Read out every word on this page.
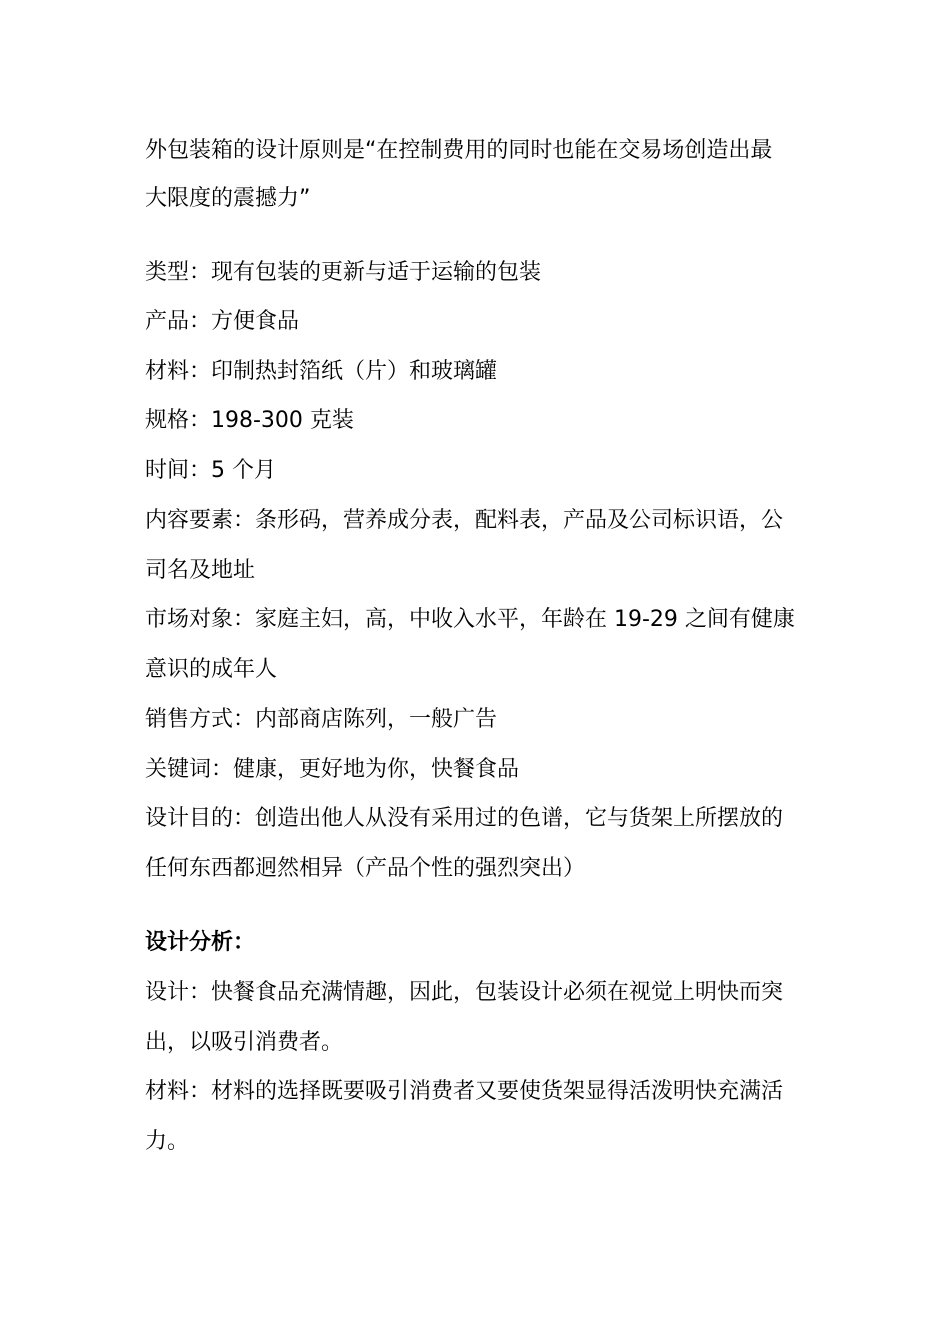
外包装箱的设计原则是“在控制费用的同时也能在交易场创造出最
大限度的震撼力”
类型：现有包装的更新与适于运输的包装
产品：方便食品
材料：印制热封箔纸（片）和玻璃罐
规格：198-300 克装
时间：5 个月
内容要素：条形码，营养成分表，配料表，产品及公司标识语，公
司名及地址
市场对象：家庭主妇，高，中收入水平，年龄在 19-29 之间有健康
意识的成年人
销售方式：内部商店陈列，一般广告
关键词：健康，更好地为你，快餐食品
设计目的：创造出他人从没有采用过的色谱，它与货架上所摆放的
任何东西都迥然相异（产品个性的强烈突出）
设计分析：
设计：快餐食品充满情趣，因此，包装设计必须在视觉上明快而突
出，以吸引消费者。
材料：材料的选择既要吸引消费者又要使货架显得活泼明快充满活
力。
